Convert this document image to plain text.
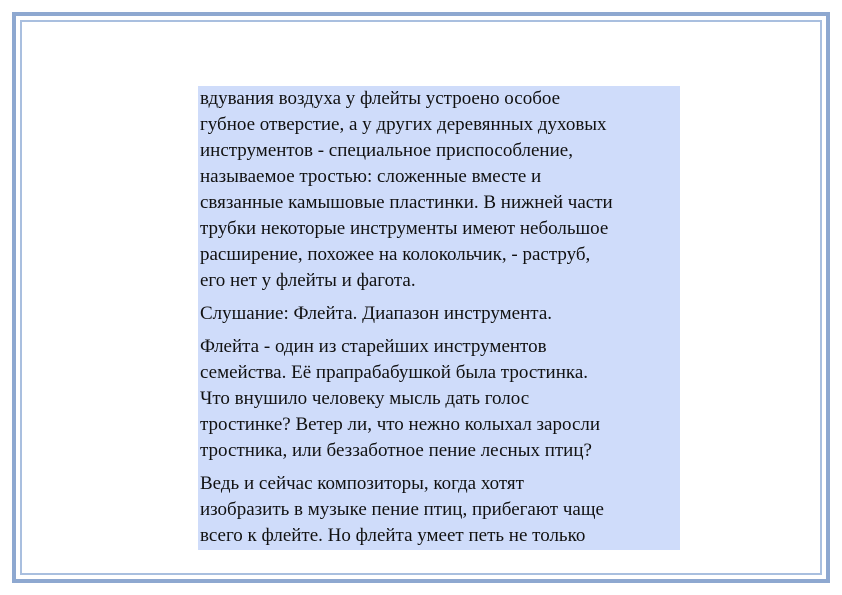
вдувания воздуха у флейты устроено особое
губное отверстие, а у других деревянных духовых
инструментов - специальное приспособление,
называемое тростью: сложенные вместе и
связанные камышовые пластинки. В нижней части
трубки некоторые инструменты имеют небольшое
расширение, похожее на колокольчик, - раструб,
его нет у флейты и фагота.

Слушание: Флейта. Диапазон инструмента.

Флейта - один из старейших инструментов
семейства. Её прапрабабушкой была тростинка.
Что внушило человеку мысль дать голос
тростинке? Ветер ли, что нежно колыхал заросли
тростника, или беззаботное пение лесных птиц?

Ведь и сейчас композиторы, когда хотят
изобразить в музыке пение птиц, прибегают чаще
всего к флейте. Но флейта умеет петь не только
